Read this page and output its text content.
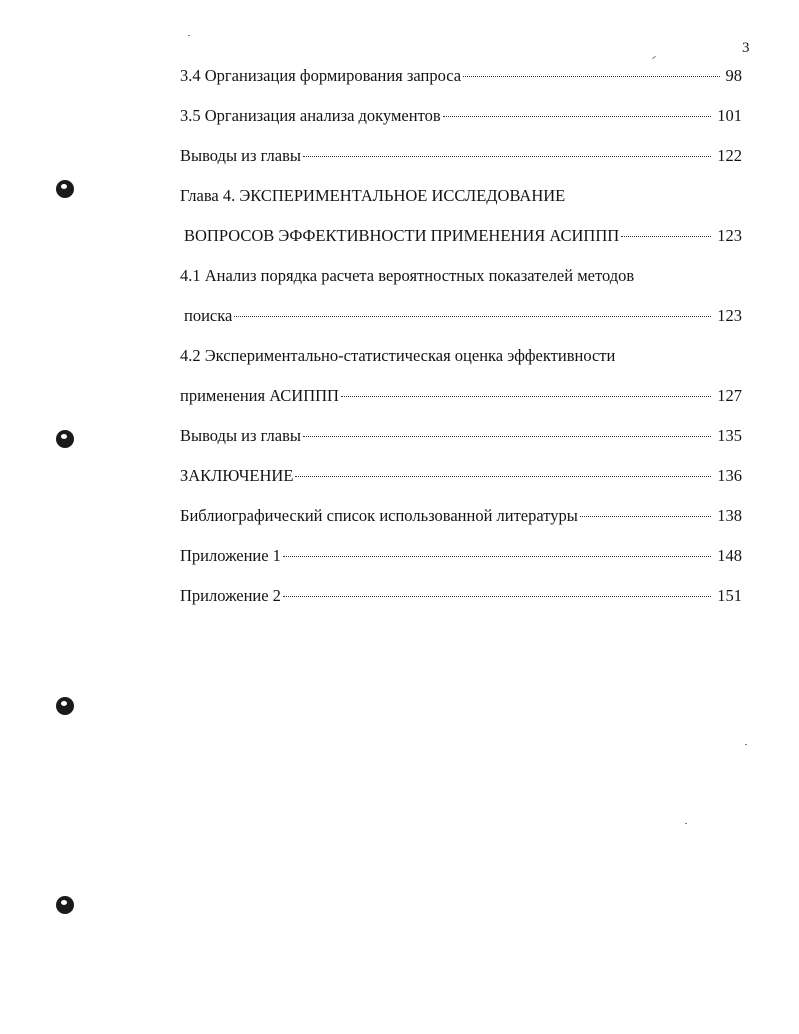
3
3.4 Организация формирования запроса	98
3.5 Организация анализа документов	101
Выводы из главы	122
Глава 4. ЭКСПЕРИМЕНТАЛЬНОЕ ИССЛЕДОВАНИЕ
ВОПРОСОВ ЭФФЕКТИВНОСТИ ПРИМЕНЕНИЯ АСИППП	123
4.1 Анализ порядка расчета вероятностных показателей методов
поиска	123
4.2 Экспериментально-статистическая оценка эффективности
применения АСИППП	127
Выводы из главы	135
ЗАКЛЮЧЕНИЕ	136
Библиографический список использованной литературы	138
Приложение 1	148
Приложение 2	151
